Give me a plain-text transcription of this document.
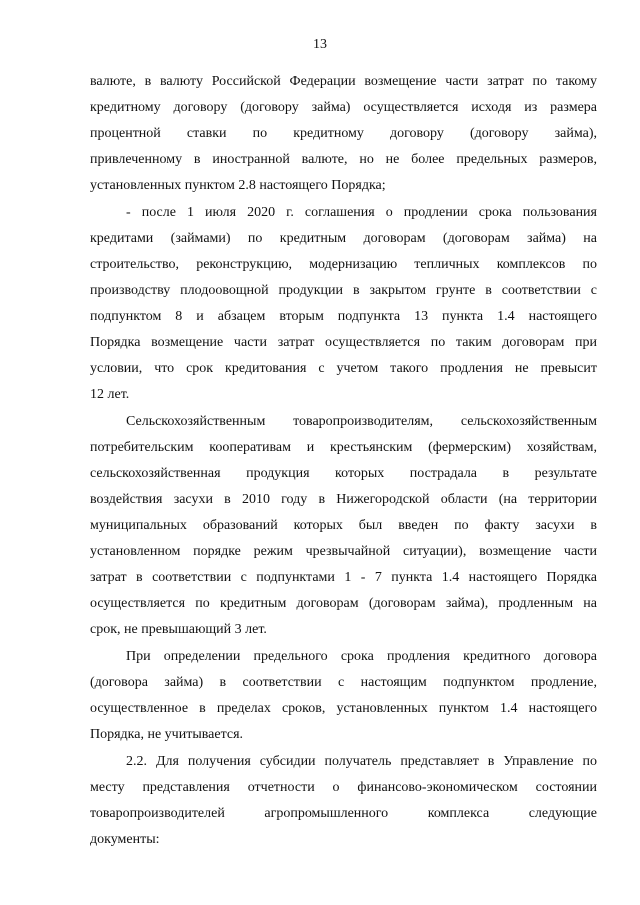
13
валюте, в валюту Российской Федерации возмещение части затрат по такому
кредитному договору (договору займа) осуществляется исходя из размера
процентной ставки по кредитному договору (договору займа),
привлеченному в иностранной валюте, но не более предельных размеров,
установленных пунктом 2.8 настоящего Порядка;
- после 1 июля 2020 г. соглашения о продлении срока пользования
кредитами (займами) по кредитным договорам (договорам займа) на
строительство, реконструкцию, модернизацию тепличных комплексов по
производству плодоовощной продукции в закрытом грунте в соответствии с
подпунктом 8 и абзацем вторым подпункта 13 пункта 1.4 настоящего
Порядка возмещение части затрат осуществляется по таким договорам при
условии, что срок кредитования с учетом такого продления не превысит
12 лет.
Сельскохозяйственным товаропроизводителям, сельскохозяйственным
потребительским кооперативам и крестьянским (фермерским) хозяйствам,
сельскохозяйственная продукция которых пострадала в результате
воздействия засухи в 2010 году в Нижегородской области (на территории
муниципальных образований которых был введен по факту засухи в
установленном порядке режим чрезвычайной ситуации), возмещение части
затрат в соответствии с подпунктами 1 - 7 пункта 1.4 настоящего Порядка
осуществляется по кредитным договорам (договорам займа), продленным на
срок, не превышающий 3 лет.
При определении предельного срока продления кредитного договора
(договора займа) в соответствии с настоящим подпунктом продление,
осуществленное в пределах сроков, установленных пунктом 1.4 настоящего
Порядка, не учитывается.
2.2. Для получения субсидии получатель представляет в Управление по
месту представления отчетности о финансово-экономическом состоянии
товаропроизводителей агропромышленного комплекса следующие
документы:
